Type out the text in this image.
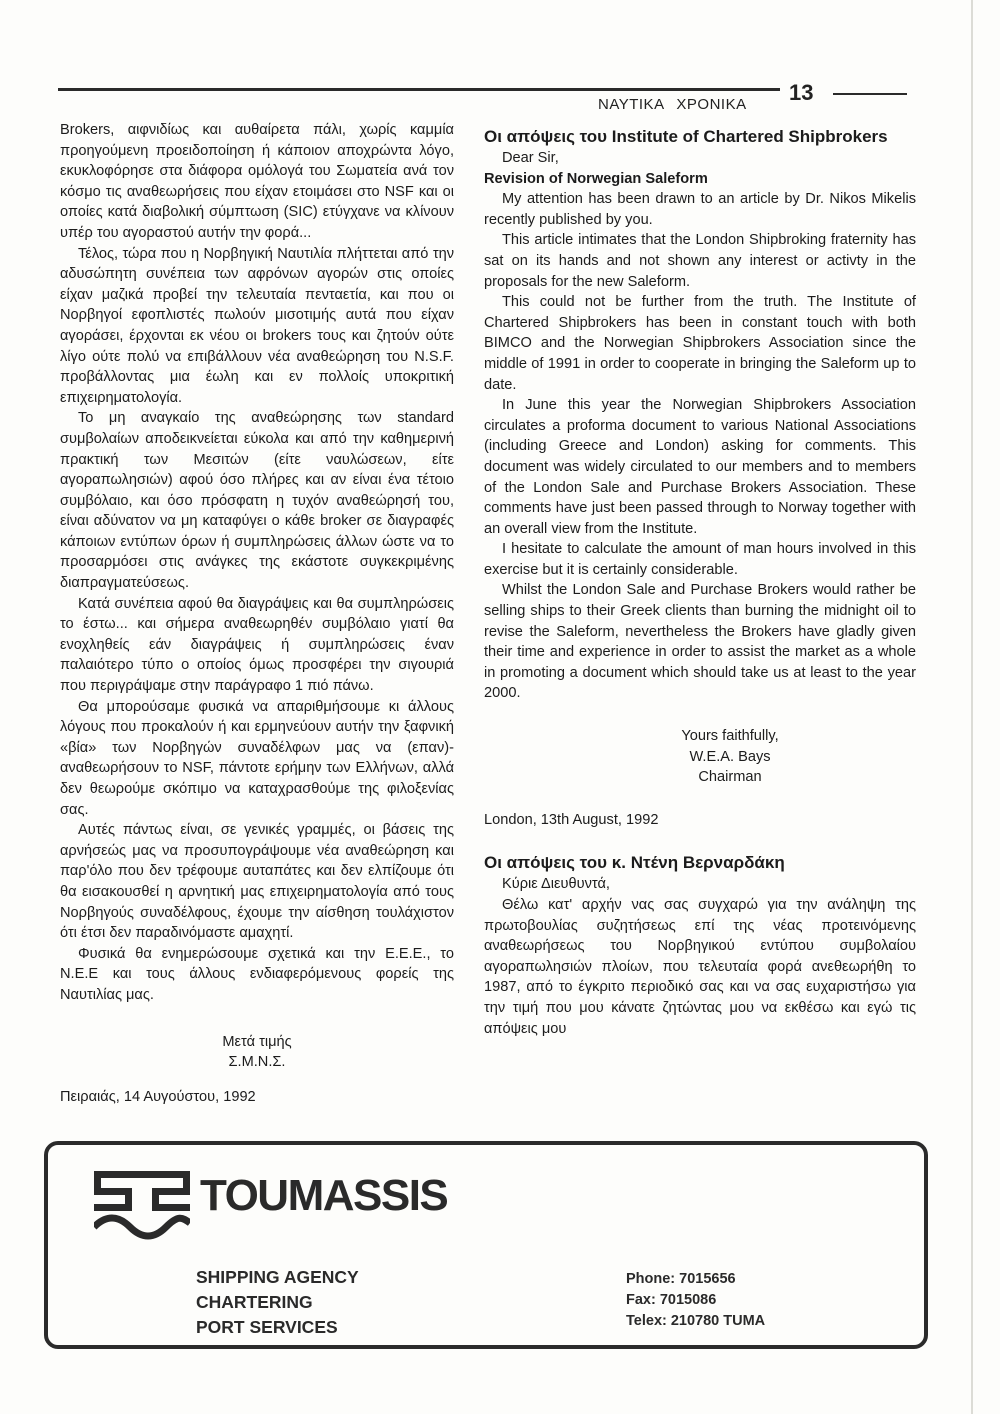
13
ΝΑΥΤΙΚΑ ΧΡΟΝΙΚΑ

Brokers, αιφνιδίως και αυθαίρετα πάλι, χωρίς καμμία προηγούμενη προειδοποίηση ή κάποιον αποχρώντα λόγο, εκυκλοφόρησε στα διάφορα ομόλογά του Σωματεία ανά τον κόσμο τις αναθεωρήσεις που είχαν ετοιμάσει στο NSF και οι οποίες κατά διαβολική σύμπτωση (SIC) ετύγχανε να κλίνουν υπέρ του αγοραστού αυτήν την φορά...

Τέλος, τώρα που η Νορβηγική Ναυτιλία πλήττεται από την αδυσώπητη συνέπεια των αφρόνων αγορών στις οποίες είχαν μαζικά προβεί την τελευταία πενταετία, και που οι Νορβηγοί εφοπλιστές πωλούν μισοτιμής αυτά που είχαν αγοράσει, έρχονται εκ νέου οι brokers τους και ζητούν ούτε λίγο ούτε πολύ να επιβάλλουν νέα αναθεώρηση του N.S.F. προβάλλοντας μια έωλη και εν πολλοίς υποκριτική επιχειρηματολογία.

Το μη αναγκαίο της αναθεώρησης των standard συμβολαίων αποδεικνείεται εύκολα και από την καθημερινή πρακτική των Μεσιτών (είτε ναυλώσεων, είτε αγοραπωλησιών) αφού όσο πλήρες και αν είναι ένα τέτοιο συμβόλαιο, και όσο πρόσφατη η τυχόν αναθεώρησή του, είναι αδύνατον να μη καταφύγει ο κάθε broker σε διαγραφές κάποιων εντύπων όρων ή συμπληρώσεις άλλων ώστε να το προσαρμόσει στις ανάγκες της εκάστοτε συγκεκριμένης διαπραγματεύσεως.

Κατά συνέπεια αφού θα διαγράψεις και θα συμπληρώσεις το έστω... και σήμερα αναθεωρηθέν συμβόλαιο γιατί θα ενοχληθείς εάν διαγράψεις ή συμπληρώσεις έναν παλαιότερο τύπο ο οποίος όμως προσφέρει την σιγουριά που περιγράψαμε στην παράγραφο 1 πιό πάνω.

Θα μπορούσαμε φυσικά να απαριθμήσουμε κι άλλους λόγους που προκαλούν ή και ερμηνεύουν αυτήν την ξαφνική «βία» των Νορβηγών συναδέλφων μας να (επαν)-αναθεωρήσουν το NSF, πάντοτε ερήμην των Ελλήνων, αλλά δεν θεωρούμε σκόπιμο να καταχρασθούμε της φιλοξενίας σας.

Αυτές πάντως είναι, σε γενικές γραμμές, οι βάσεις της αρνήσεώς μας να προσυπογράψουμε νέα αναθεώρηση και παρ'όλο που δεν τρέφουμε αυταπάτες και δεν ελπίζουμε ότι θα εισακουσθεί η αρνητική μας επιχειρηματολογία από τους Νορβηγούς συναδέλφους, έχουμε την αίσθηση τουλάχιστον ότι έτσι δεν παραδινόμαστε αμαχητί.

Φυσικά θα ενημερώσουμε σχετικά και την Ε.Ε.Ε., το Ν.Ε.Ε και τους άλλους ενδιαφερόμενους φορείς της Ναυτιλίας μας.

Μετά τιμής

Σ.Μ.Ν.Σ.

Πειραιάς, 14 Αυγούστου, 1992

Οι απόψεις του Institute of Chartered Shipbrokers

Dear Sir,

Revision of Norwegian Saleform

My attention has been drawn to an article by Dr. Nikos Mikelis recently published by you.

This article intimates that the London Shipbroking fraternity has sat on its hands and not shown any interest or activty in the proposals for the new Saleform.

This could not be further from the truth. The Institute of Chartered Shipbrokers has been in constant touch with both BIMCO and the Norwegian Shipbrokers Association since the middle of 1991 in order to cooperate in bringing the Saleform up to date.

In June this year the Norwegian Shipbrokers Association circulates a proforma document to various National Associations (including Greece and London) asking for comments. This document was widely circulated to our members and to members of the London Sale and Purchase Brokers Association. These comments have just been passed through to Norway together with an overall view from the Institute.

I hesitate to calculate the amount of man hours involved in this exercise but it is certainly considerable.

Whilst the London Sale and Purchase Brokers would rather be selling ships to their Greek clients than burning the midnight oil to revise the Saleform, nevertheless the Brokers have gladly given their time and experience in order to assist the market as a whole in promoting a document which should take us at least to the year 2000.

Yours faithfully,

W.E.A. Bays

Chairman

London, 13th August, 1992

Οι απόψεις του κ. Ντένη Βερναρδάκη

Κύριε Διευθυντά,

Θέλω κατ' αρχήν νας σας συγχαρώ για την ανάληψη της πρωτοβουλίας συζητήσεως επί της νέας προτεινόμενης αναθεωρήσεως του Νορβηγικού εντύπου συμβολαίου αγοραπωλησιών πλοίων, που τελευταία φορά ανεθεωρήθη το 1987, από το έγκριτο περιοδικό σας και να σας ευχαριστήσω για την τιμή που μου κάνατε ζητώντας μου να εκθέσω και εγώ τις απόψεις μου

TOUMASSIS
SHIPPING AGENCY
CHARTERING
PORT SERVICES
Phone: 7015656
Fax: 7015086
Telex: 210780 TUMA
